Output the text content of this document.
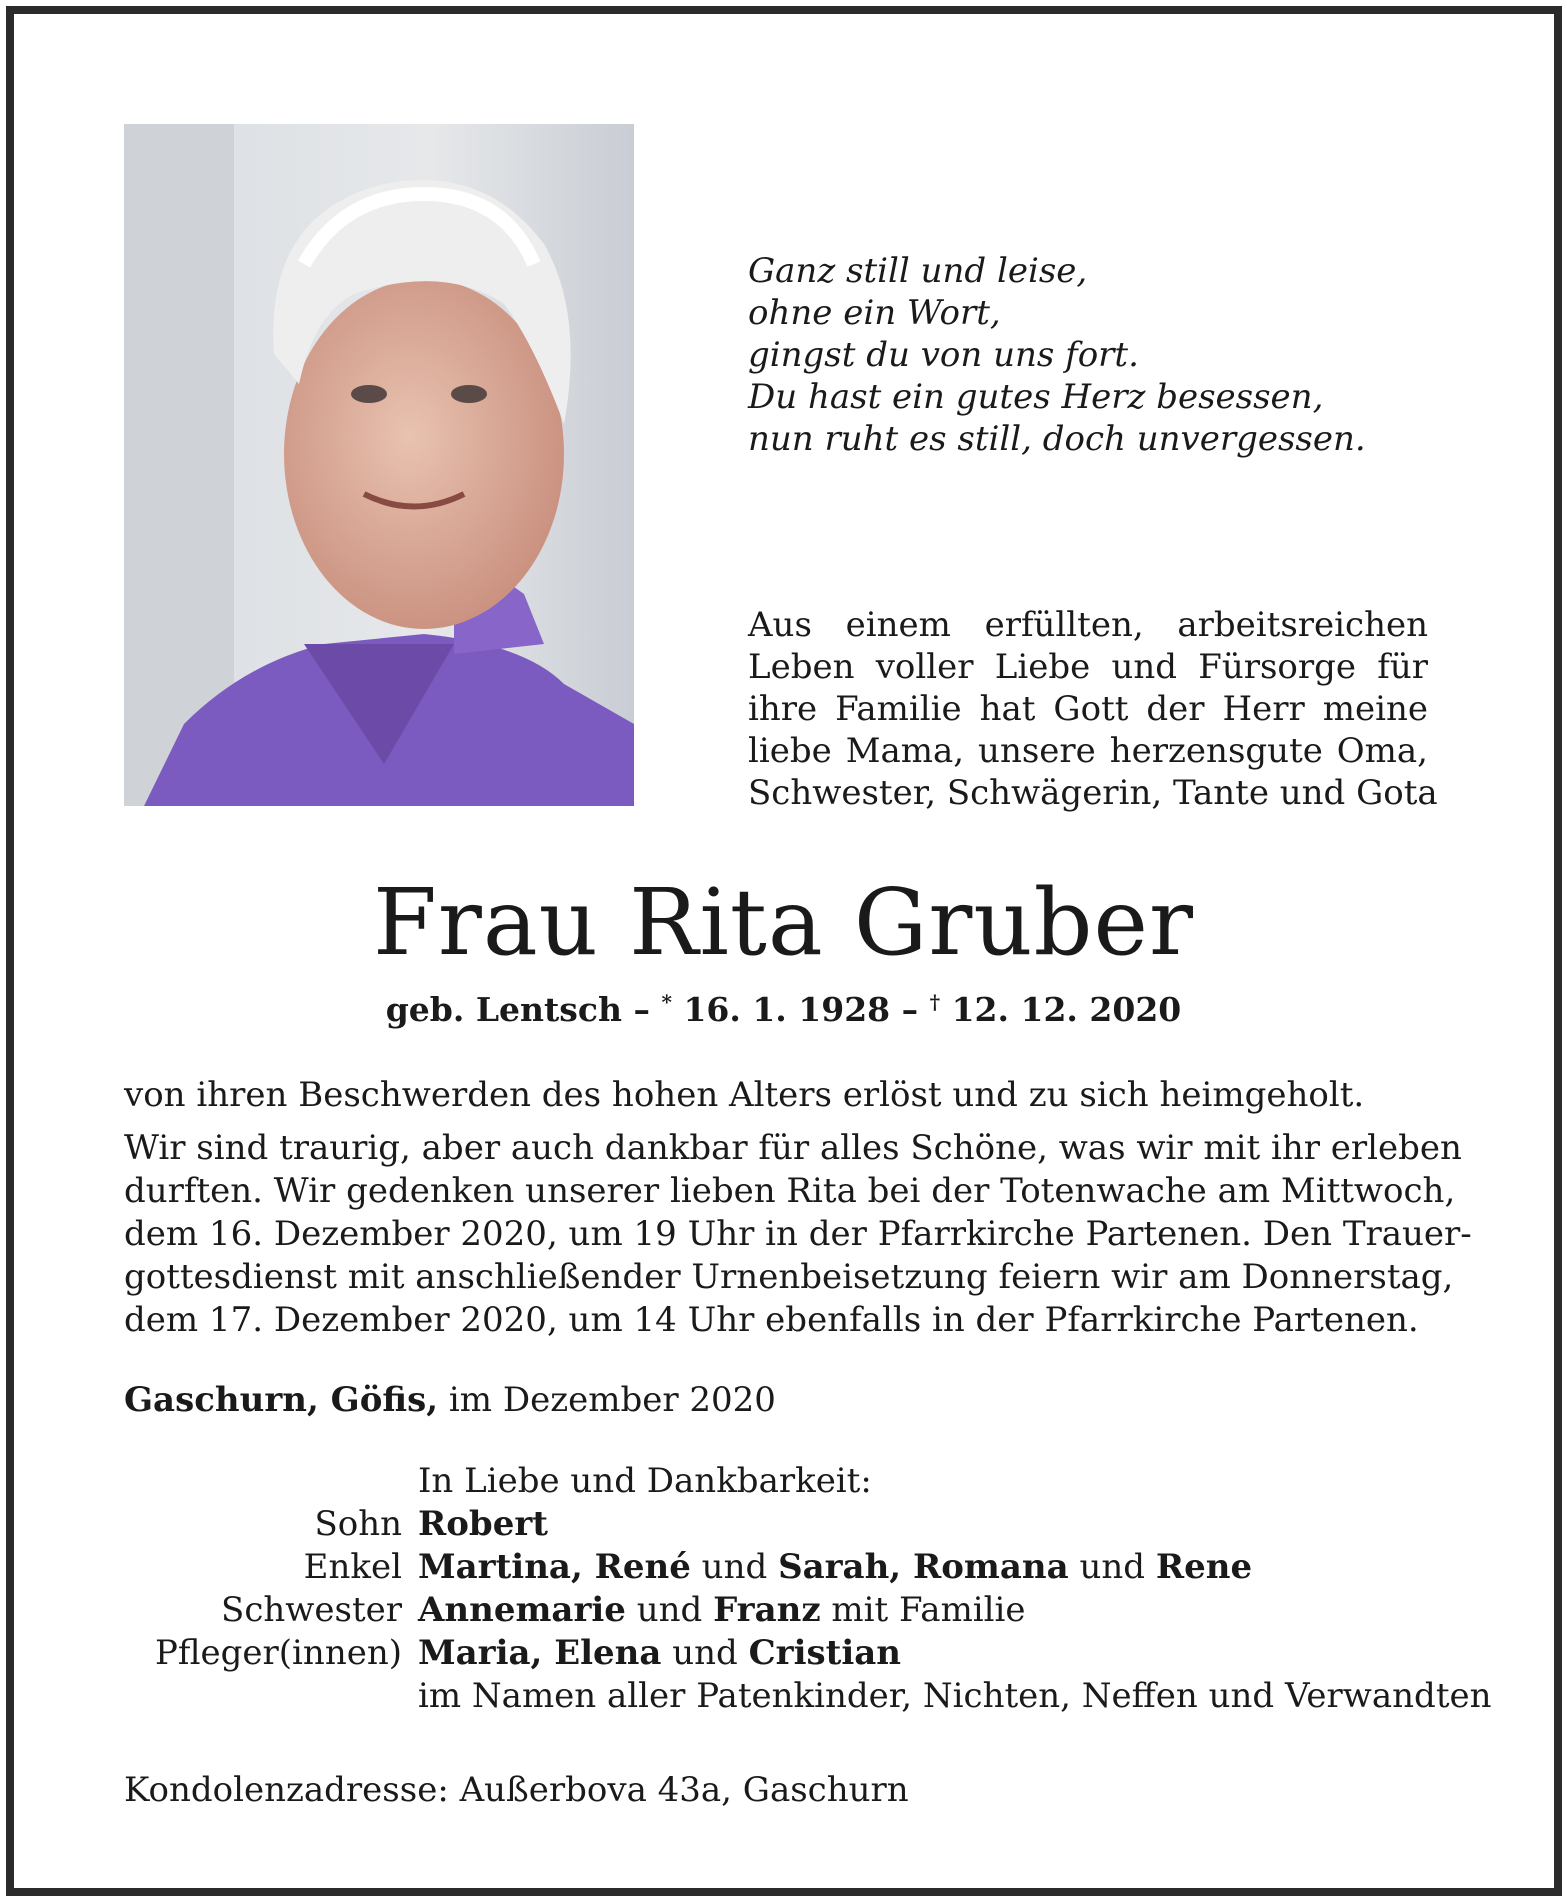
Ganz still und leise,
ohne ein Wort,
gingst du von uns fort.
Du hast ein gutes Herz besessen,
nun ruht es still, doch unvergessen.
Aus einem erfüllten, arbeitsreichen
Leben voller Liebe und Fürsorge für
ihre Familie hat Gott der Herr meine
liebe Mama, unsere herzensgute Oma,
Schwester, Schwägerin, Tante und Gota
Frau Rita Gruber
geb. Lentsch – * 16. 1. 1928 – † 12. 12. 2020

von ihren Beschwerden des hohen Alters erlöst und zu sich heimgeholt.

Wir sind traurig, aber auch dankbar für alles Schöne, was wir mit ihr erleben

durften. Wir gedenken unserer lieben Rita bei der Totenwache am Mittwoch,

dem 16. Dezember 2020, um 19 Uhr in der Pfarrkirche Partenen. Den Trauer-

gottesdienst mit anschließender Urnenbeisetzung feiern wir am Donnerstag,

dem 17. Dezember 2020, um 14 Uhr ebenfalls in der Pfarrkirche Partenen.

Gaschurn, Göfis, im Dezember 2020
In Liebe und Dankbarkeit:
Sohn Robert
Enkel Martina, René und Sarah, Romana und Rene
Schwester Annemarie und Franz mit Familie
Pfleger(innen) Maria, Elena und Cristian
im Namen aller Patenkinder, Nichten, Neffen und Verwandten
Kondolenzadresse: Außerbova 43a, Gaschurn
